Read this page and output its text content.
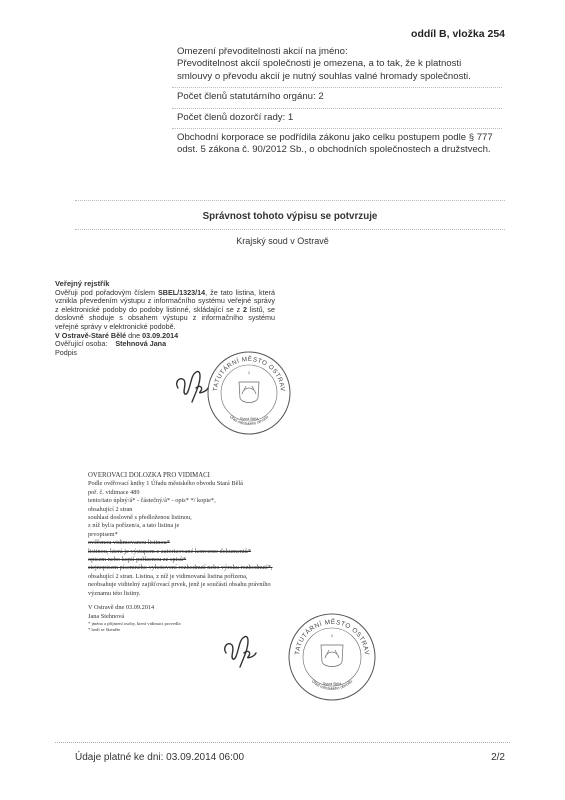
oddíl B, vložka 254
Omezení převoditelnosti akcií na jméno:
Převoditelnost akcií společnosti je omezena, a to tak, že k platnosti smlouvy o převodu akcií je nutný souhlas valné hromady společnosti.
Počet členů statutárního orgánu: 2
Počet členů dozorčí rady: 1
Obchodní korporace se podřídila zákonu jako celku postupem podle § 777 odst. 5 zákona č. 90/2012 Sb., o obchodních společnostech a družstvech.
Správnost tohoto výpisu se potvrzuje
Krajský soud v Ostravě
Veřejný rejstřík
Ověřuji pod pořadovým číslem SBEL/1323/14, že tato listina, která vznikla převedením výstupu z informačního systému veřejné správy z elektronické podoby do podoby listinné, skládající se z 2 listů, se doslovně shoduje s obsahem výstupu z informačního systému veřejné správy v elektronické podobě.
V Ostravě-Staré Bělé dne 03.09.2014
Ověřující osoba: Stehnová Jana
Podpis
TATUTÁRNÍ MĚSTO OSTRAV
Úřad městského obvodu
1
Stará Bělá
OVEROVACI DOLOZKA PRO VIDIMACI
Podle ověřovací knihy 1 Úřadu městského obvodu Stará Bělá
poř. č. vidimace 489
tento/tato úplný/á* - částečný/á* - opis* */ kopie*,
obsahující 2 stran
souhlasí doslovně s předloženou listinou,
z níž byl/a pořízen/a, a tato listina je
prvopisem*
ověřenou vidimovanou listinou*
listinou, která je výstupem z autorizované konverze dokumentů*
opisem nebo kopií pořízenou ze spisů*
stejnopisem písemného vyhotovení rozhodnutí nebo výroku rozhodnutí*,
obsahující 2 stran. Listina, z níž je vidimovaná listina pořízena,
neobsahuje viditelný zajišťovací prvek, jenž je součástí obsahu právního
významu této listiny.
V Ostravě dne 03.09.2014
Jana Stehnová
* jméno a příjmení osoby, která vidimaci provedla
* hodí se škrtněte
TATUTÁRNÍ MĚSTO OSTRAV
Úřad městského obvodu
1
Stará Bělá
Údaje platné ke dni: 03.09.2014 06:00	2/2
